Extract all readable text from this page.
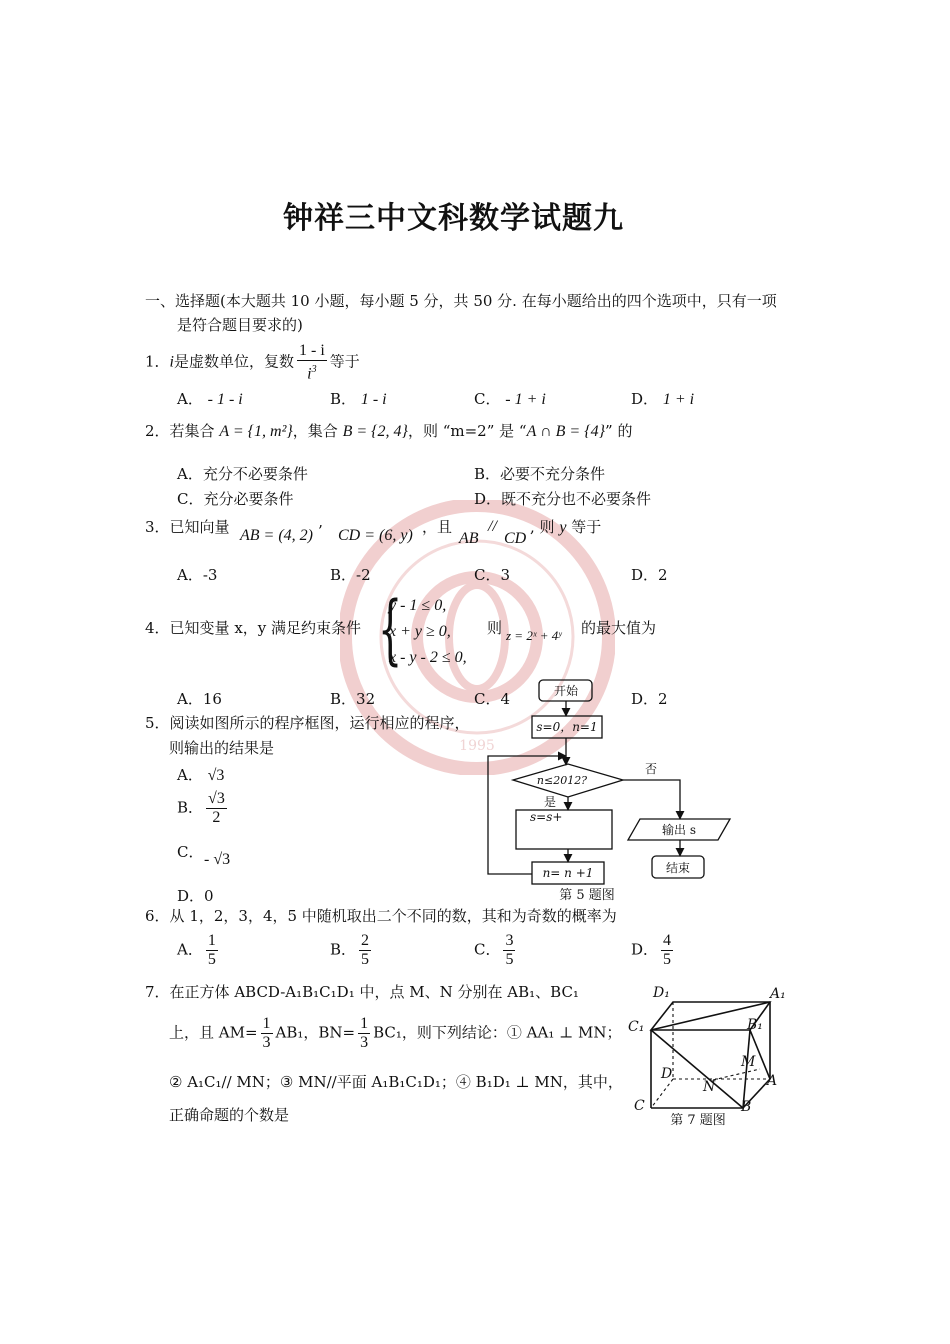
1995
钟祥三中文科数学试题九
一、选择题(本大题共 10 小题，每小题 5 分，共 50 分. 在每小题给出的四个选项中，只有一项
是符合题目要求的)
1．i是虚数单位，复数 $\frac{1 - i}{i^3}$ 等于
A． - 1 - i	B． 1 - i	C． - 1 + i	D． 1 + i
2．若集合 A = {1, m²}，集合 B = {2, 4}，则 “m=2” 是 “A ∩ B = {4}” 的
A．充分不必要条件	B．必要不充分条件
C．充分必要条件	D．既不充分也不必要条件
3．已知向量 AB = (4, 2) ’ CD = (6, y) ，且
AB
//
CD
, 则 y 等于
A．-3	B．-2	C．3	D．2
4．已知变量 x，y 满足约束条件 {
y - 1 ≤ 0,
x + y ≥ 0,
x - y - 2 ≤ 0,
则 z = 2ˣ + 4ʸ 的最大值为
A．16	B．32	C．4	D．2
5．阅读如图所示的程序框图，运行相应的程序，
则输出的结果是
A． √3
B． $\frac{√3}{2}$
C． - √3
D．0
开始
s=0，n=1
n≤2012?
否
是
s=s+
n= n +1
输出 s
结束
第 5 题图
6．从 1，2，3，4，5 中随机取出二个不同的数，其和为奇数的概率为
A． $\frac{1}{5}$	B． $\frac{2}{5}$	C． $\frac{3}{5}$	D． $\frac{4}{5}$
7．在正方体 ABCD-A₁B₁C₁D₁ 中，点 M、N 分别在 AB₁、BC₁
上，且 $AM= \frac{1}{3} AB_1$，$BN= \frac{1}{3} BC_1$，则下列结论：① AA₁ ⊥ MN；
② A₁C₁// MN；③ MN//平面 A₁B₁C₁D₁；④ B₁D₁ ⊥ MN，其中，
正确命题的个数是
D₁	A₁
C₁	B₁
M
D
N	A
C	B
第 7 题图
